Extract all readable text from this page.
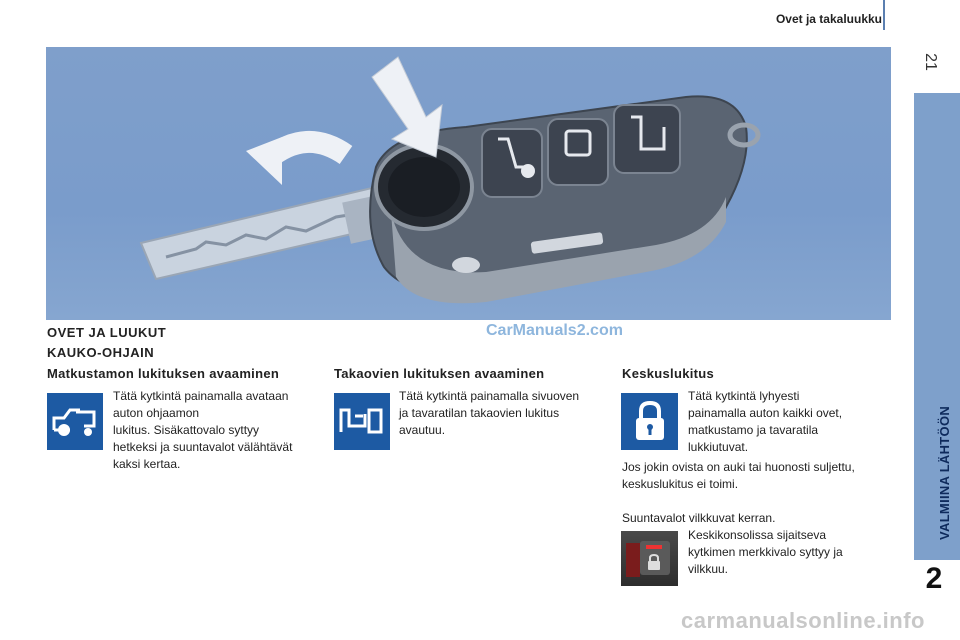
Ovet ja takaluukku
21
VALMIINA LÄHTÖÖN
2
CarManuals2.com
OVET JA LUUKUT
KAUKO-OHJAIN
Matkustamon lukituksen avaaminen
Tätä kytkintä painamalla avataan
auton ohjaamon
lukitus. Sisäkattovalo syttyy
hetkeksi ja suuntavalot välähtävät
kaksi kertaa.
Takaovien lukituksen avaaminen
Tätä kytkintä painamalla sivuoven
ja tavaratilan takaovien lukitus
avautuu.
Keskuslukitus
Tätä kytkintä lyhyesti
painamalla auton kaikki ovet,
matkustamo ja tavaratila
lukkiutuvat.
Jos jokin ovista on auki tai huonosti suljettu,
keskuslukitus ei toimi.
Suuntavalot vilkkuvat kerran.
Keskikonsolissa sijaitseva
kytkimen merkkivalo syttyy ja
vilkkuu.
carmanualsonline.info
